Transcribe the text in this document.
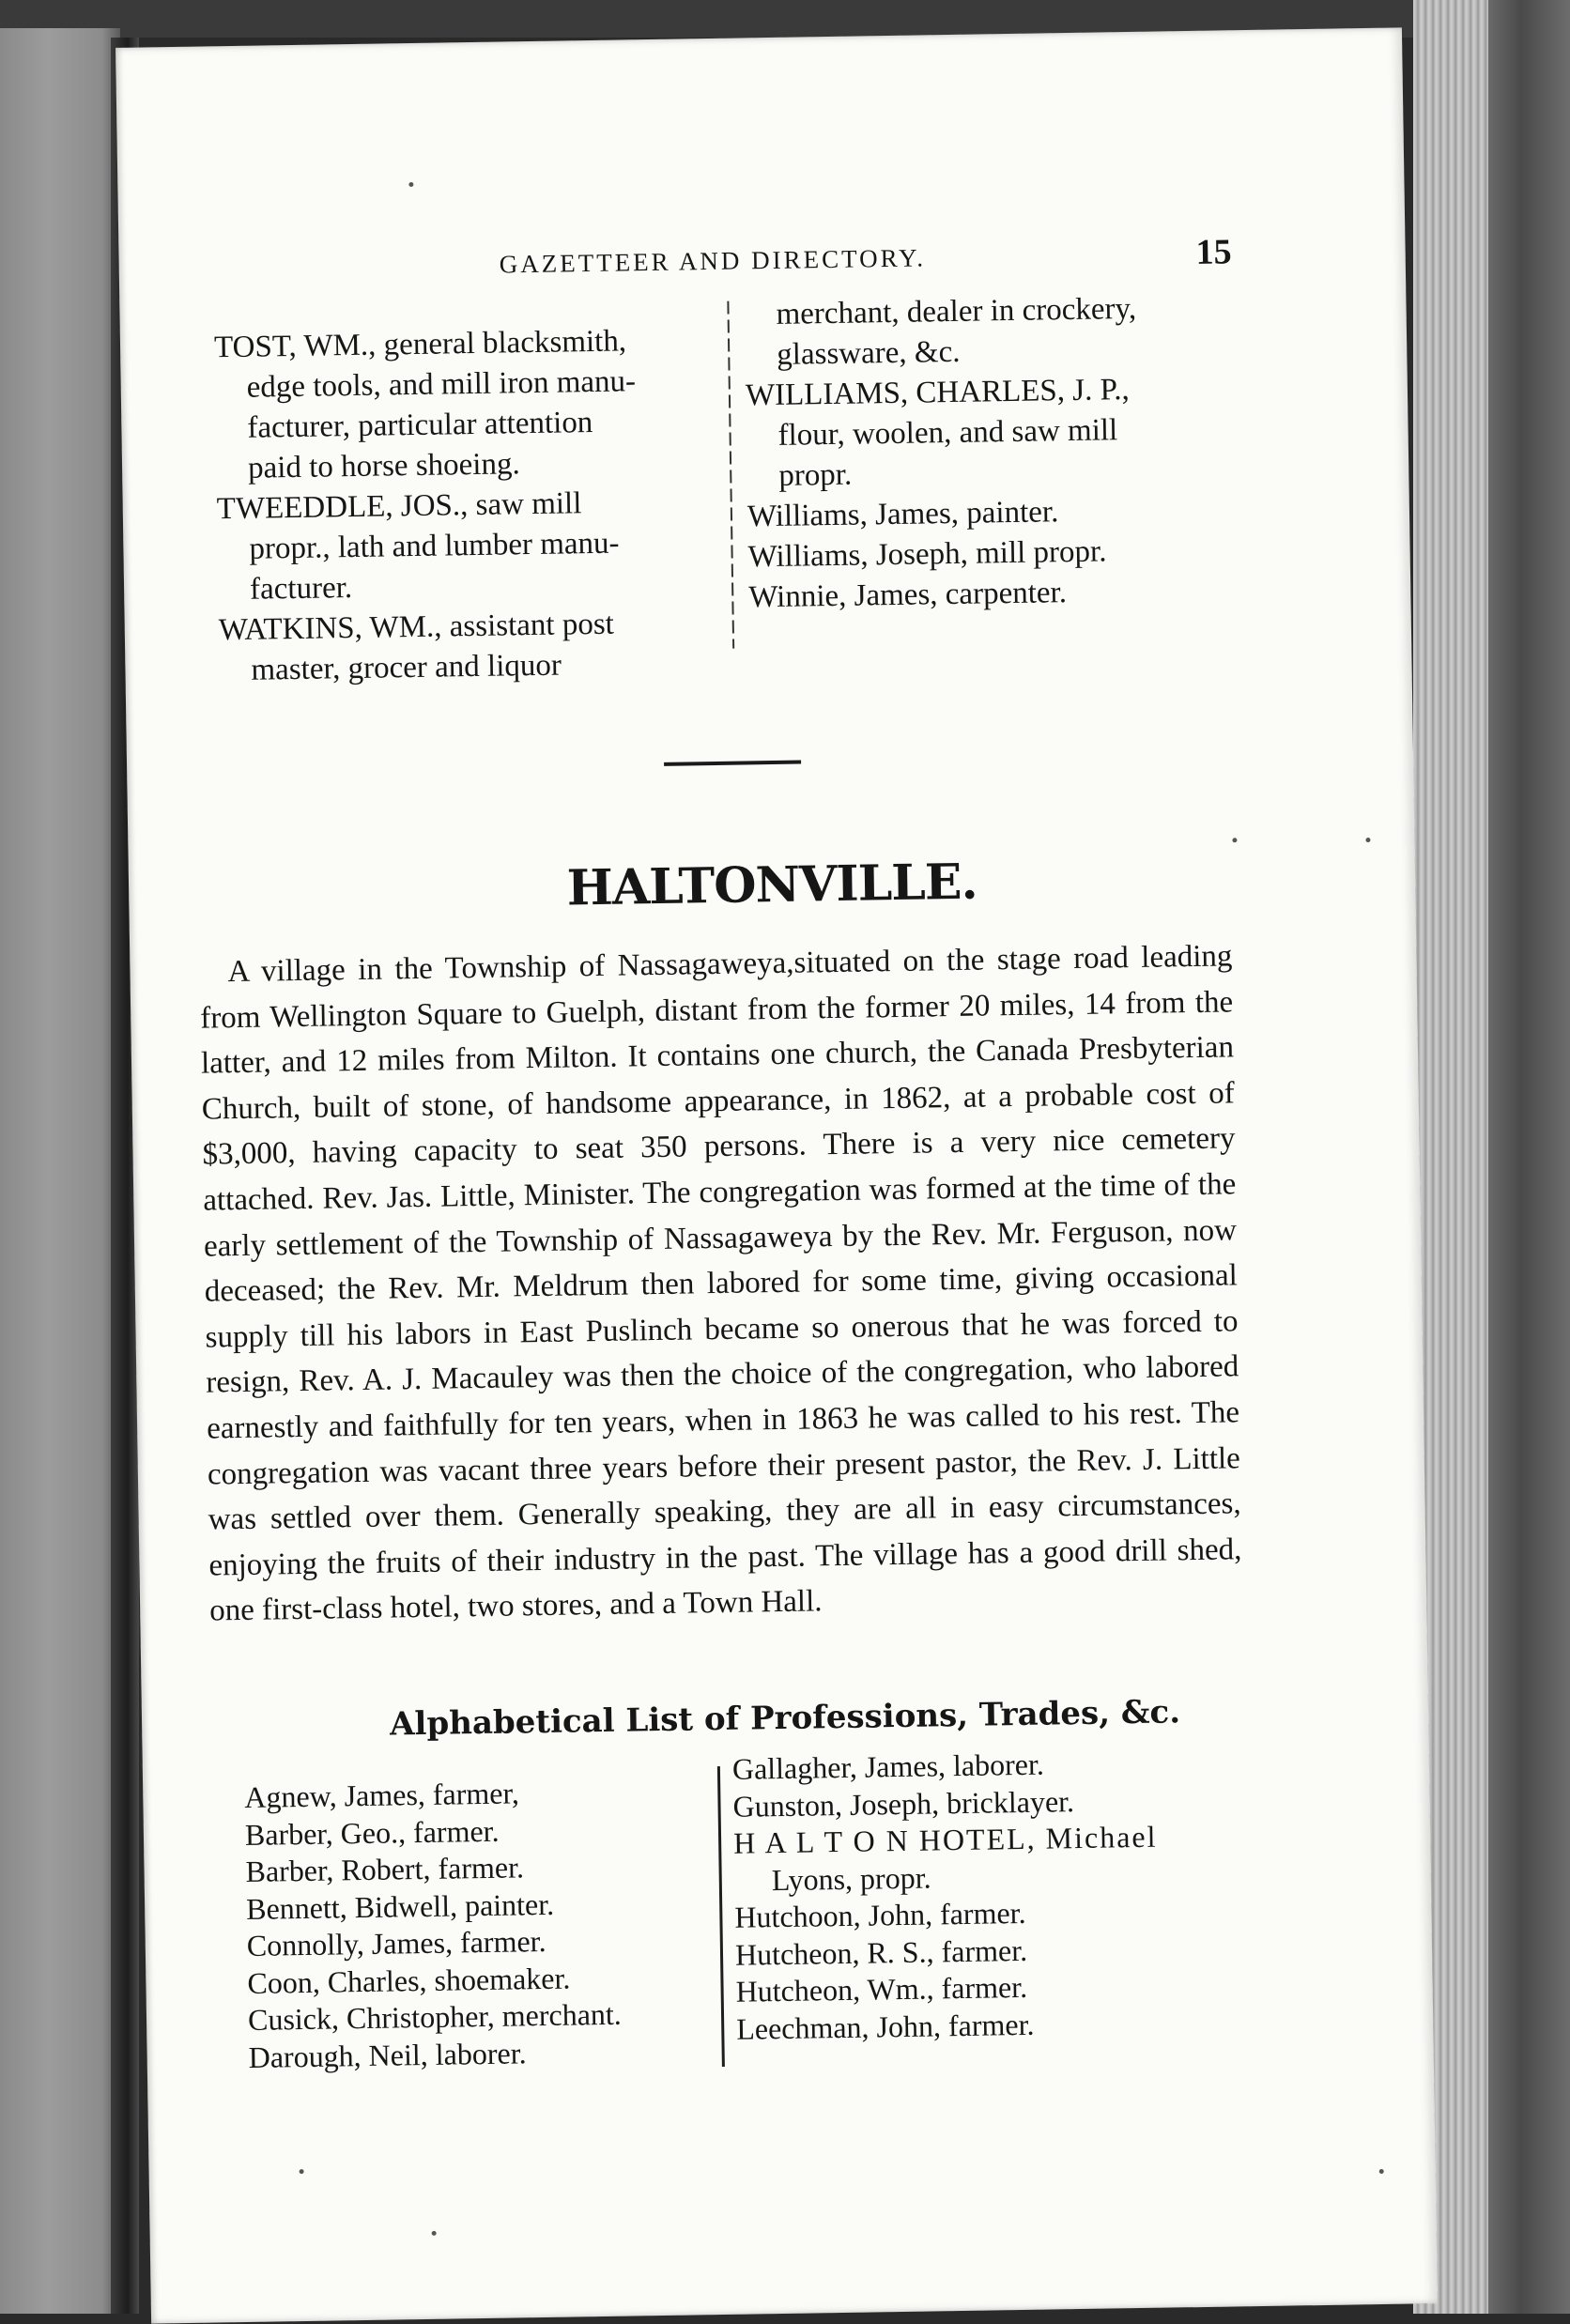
GAZETTEER AND DIRECTORY.	15

TOST, WM., general blacksmith,
edge tools, and mill iron manu-
facturer, particular attention
paid to horse shoeing.

TWEEDDLE, JOS., saw mill
propr., lath and lumber manu-
facturer.

WATKINS, WM., assistant post
master, grocer and liquor

merchant, dealer in crockery,
glassware, &c.

WILLIAMS, CHARLES, J. P.,
flour, woolen, and saw mill
propr.

Williams, James, painter.

Williams, Joseph, mill propr.

Winnie, James, carpenter.

HALTONVILLE.
A village in the Township of Nassagaweya,situated on the stage road leading from Wellington Square to Guelph, distant from the former 20 miles, 14 from the latter, and 12 miles from Milton. It contains one church, the Canada Presbyterian Church, built of stone, of handsome appearance, in 1862, at a probable cost of $3,000, having capacity to seat 350 persons. There is a very nice cemetery attached. Rev. Jas. Little, Minister. The congregation was formed at the time of the early settlement of the Township of Nassagaweya by the Rev. Mr. Ferguson, now deceased; the Rev. Mr. Meldrum then labored for some time, giving occasional supply till his labors in East Puslinch became so onerous that he was forced to resign, Rev. A. J. Macauley was then the choice of the congregation, who labored earnestly and faithfully for ten years, when in 1863 he was called to his rest. The congregation was vacant three years before their present pastor, the Rev. J. Little was settled over them. Generally speaking, they are all in easy circumstances, enjoying the fruits of their industry in the past. The village has a good drill shed, one first-class hotel, two stores, and a Town Hall.
Alphabetical List of Professions, Trades, &c.
Agnew, James, farmer,
Barber, Geo., farmer.
Barber, Robert, farmer.
Bennett, Bidwell, painter.
Connolly, James, farmer.
Coon, Charles, shoemaker.
Cusick, Christopher, merchant.
Darough, Neil, laborer.
Gallagher, James, laborer.
Gunston, Joseph, bricklayer.
H A L T O N HOTEL, Michael
Lyons, propr.
Hutchoon, John, farmer.
Hutcheon, R. S., farmer.
Hutcheon, Wm., farmer.
Leechman, John, farmer.
